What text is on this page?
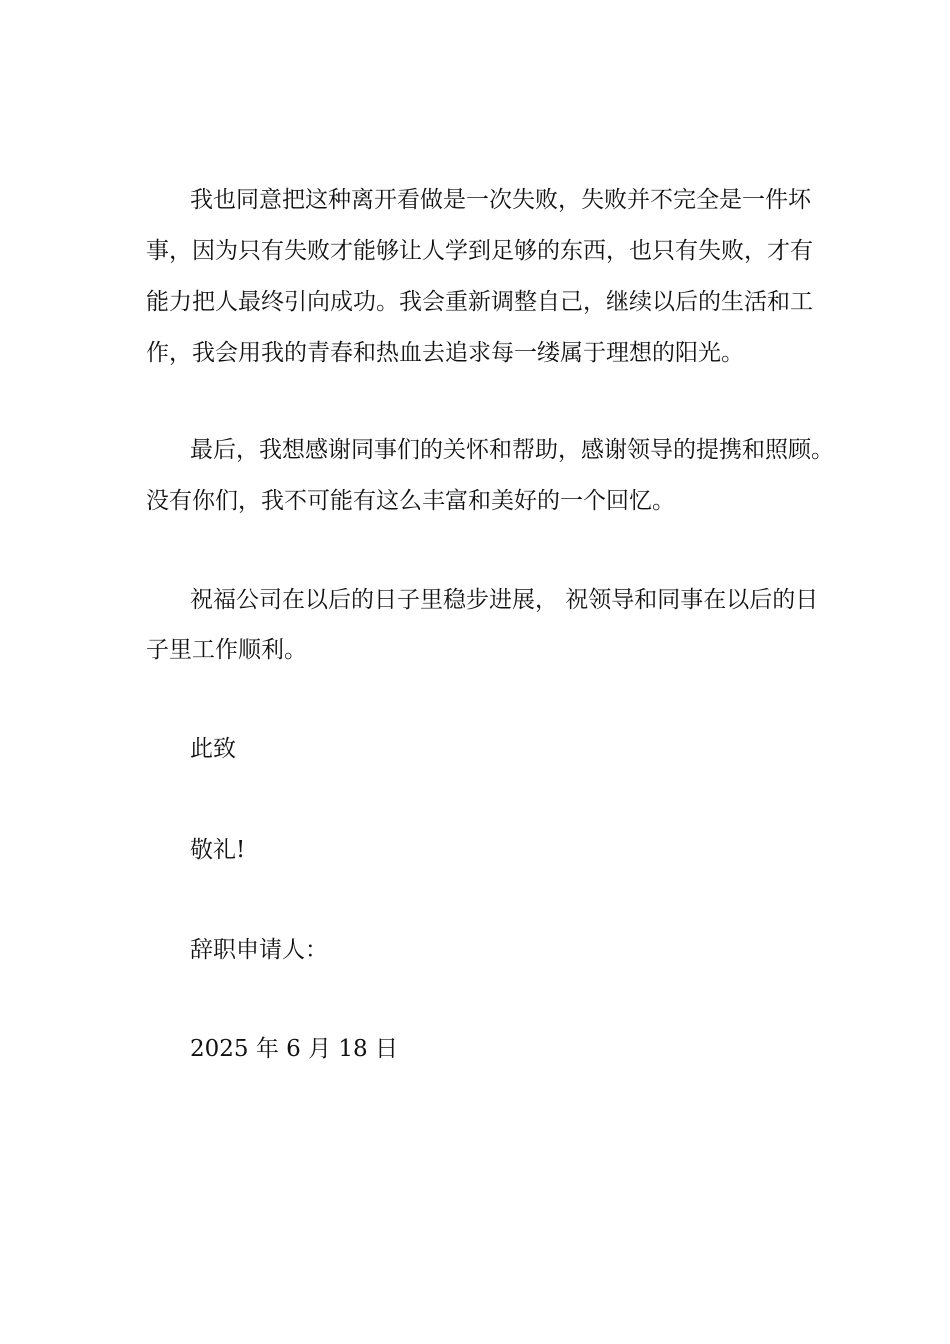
我也同意把这种离开看做是一次失败，失败并不完全是一件坏
事，因为只有失败才能够让人学到足够的东西，也只有失败，才有
能力把人最终引向成功。我会重新调整自己，继续以后的生活和工
作，我会用我的青春和热血去追求每一缕属于理想的阳光。
最后，我想感谢同事们的关怀和帮助，感谢领导的提携和照顾。
没有你们，我不可能有这么丰富和美好的一个回忆。
祝福公司在以后的日子里稳步进展， 祝领导和同事在以后的日
子里工作顺利。
此致
敬礼!
辞职申请人：
2025 年 6 月 18 日
